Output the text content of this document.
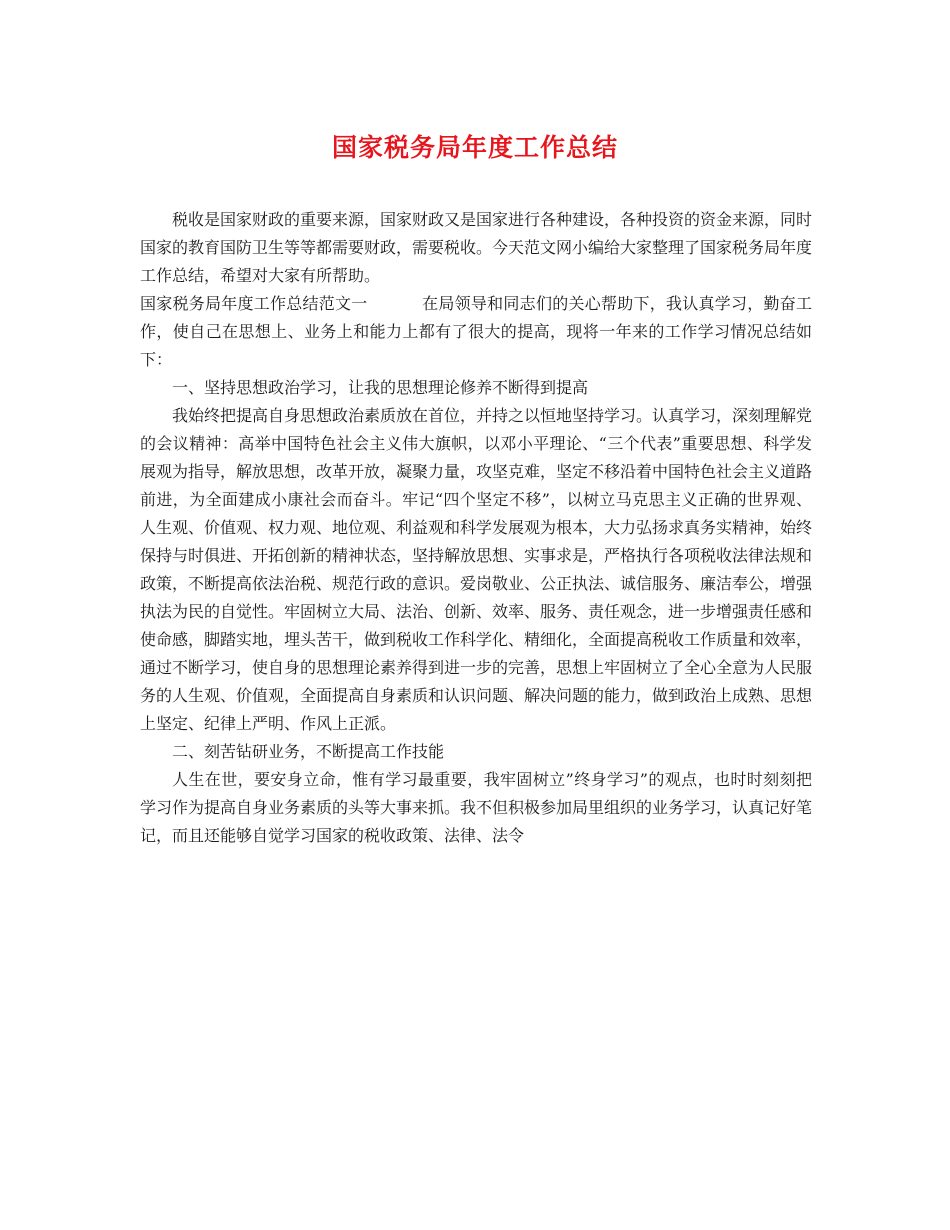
国家税务局年度工作总结

税收是国家财政的重要来源，国家财政又是国家进行各种建设，各种投资的资金来源，同时国家的教育国防卫生等等都需要财政，需要税收。今天范文网小编给大家整理了国家税务局年度工作总结，希望对大家有所帮助。

国家税务局年度工作总结范文一	在局领导和同志们的关心帮助下，我认真学习，勤奋工作，使自己在思想上、业务上和能力上都有了很大的提高，现将一年来的工作学习情况总结如下：

一、坚持思想政治学习，让我的思想理论修养不断得到提高

我始终把提高自身思想政治素质放在首位，并持之以恒地坚持学习。认真学习，深刻理解党的会议精神：高举中国特色社会主义伟大旗帜，以邓小平理论、“三个代表”重要思想、科学发展观为指导，解放思想，改革开放，凝聚力量，攻坚克难，坚定不移沿着中国特色社会主义道路前进，为全面建成小康社会而奋斗。牢记“四个坚定不移”，以树立马克思主义正确的世界观、人生观、价值观、权力观、地位观、利益观和科学发展观为根本，大力弘扬求真务实精神，始终保持与时俱进、开拓创新的精神状态，坚持解放思想、实事求是，严格执行各项税收法律法规和政策，不断提高依法治税、规范行政的意识。爱岗敬业、公正执法、诚信服务、廉洁奉公，增强执法为民的自觉性。牢固树立大局、法治、创新、效率、服务、责任观念，进一步增强责任感和使命感，脚踏实地，埋头苦干，做到税收工作科学化、精细化，全面提高税收工作质量和效率，通过不断学习，使自身的思想理论素养得到进一步的完善，思想上牢固树立了全心全意为人民服务的人生观、价值观，全面提高自身素质和认识问题、解决问题的能力，做到政治上成熟、思想上坚定、纪律上严明、作风上正派。

二、刻苦钻研业务，不断提高工作技能

人生在世，要安身立命，惟有学习最重要，我牢固树立”终身学习”的观点，也时时刻刻把学习作为提高自身业务素质的头等大事来抓。我不但积极参加局里组织的业务学习，认真记好笔记，而且还能够自觉学习国家的税收政策、法律、法令
